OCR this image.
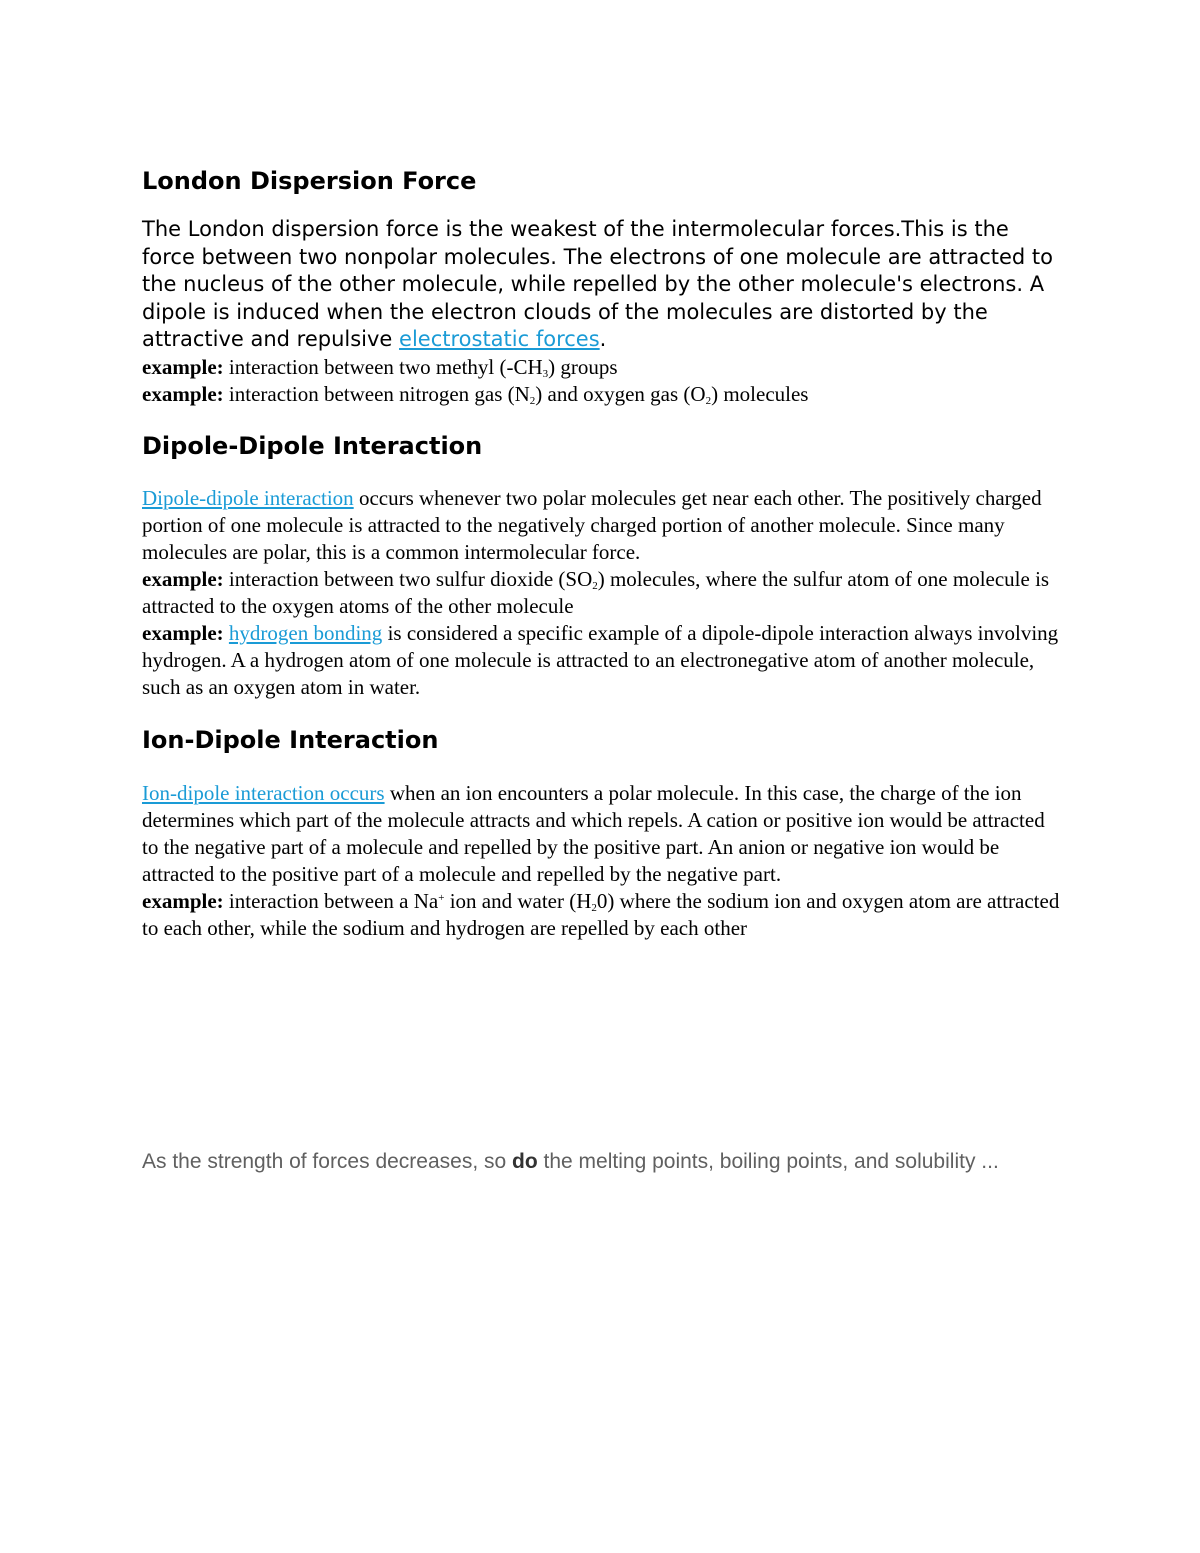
London Dispersion Force

The London dispersion force is the weakest of the intermolecular forces.This is the force between two nonpolar molecules. The electrons of one molecule are attracted to the nucleus of the other molecule, while repelled by the other molecule's electrons. A dipole is induced when the electron clouds of the molecules are distorted by the attractive and repulsive electrostatic forces.

example: interaction between two methyl $(-CH_3)$ groups

example: interaction between nitrogen gas $(N_2)$ and oxygen gas $(O_2)$ molecules

Dipole-Dipole Interaction

Dipole-dipole interaction occurs whenever two polar molecules get near each other. The positively charged portion of one molecule is attracted to the negatively charged portion of another molecule. Since many molecules are polar, this is a common intermolecular force.

example: interaction between two sulfur dioxide $(SO_2)$ molecules, where the sulfur atom of one molecule is attracted to the oxygen atoms of the other molecule

example: hydrogen bonding is considered a specific example of a dipole-dipole interaction always involving hydrogen. A a hydrogen atom of one molecule is attracted to an electronegative atom of another molecule, such as an oxygen atom in water.

Ion-Dipole Interaction

Ion-dipole interaction occurs when an ion encounters a polar molecule. In this case, the charge of the ion determines which part of the molecule attracts and which repels. A cation or positive ion would be attracted to the negative part of a molecule and repelled by the positive part. An anion or negative ion would be attracted to the positive part of a molecule and repelled by the negative part.

example: interaction between a Na+ ion and water $(H_20)$ where the sodium ion and oxygen atom are attracted to each other, while the sodium and hydrogen are repelled by each other

As the strength of forces decreases, so do the melting points, boiling points, and solubility ...
